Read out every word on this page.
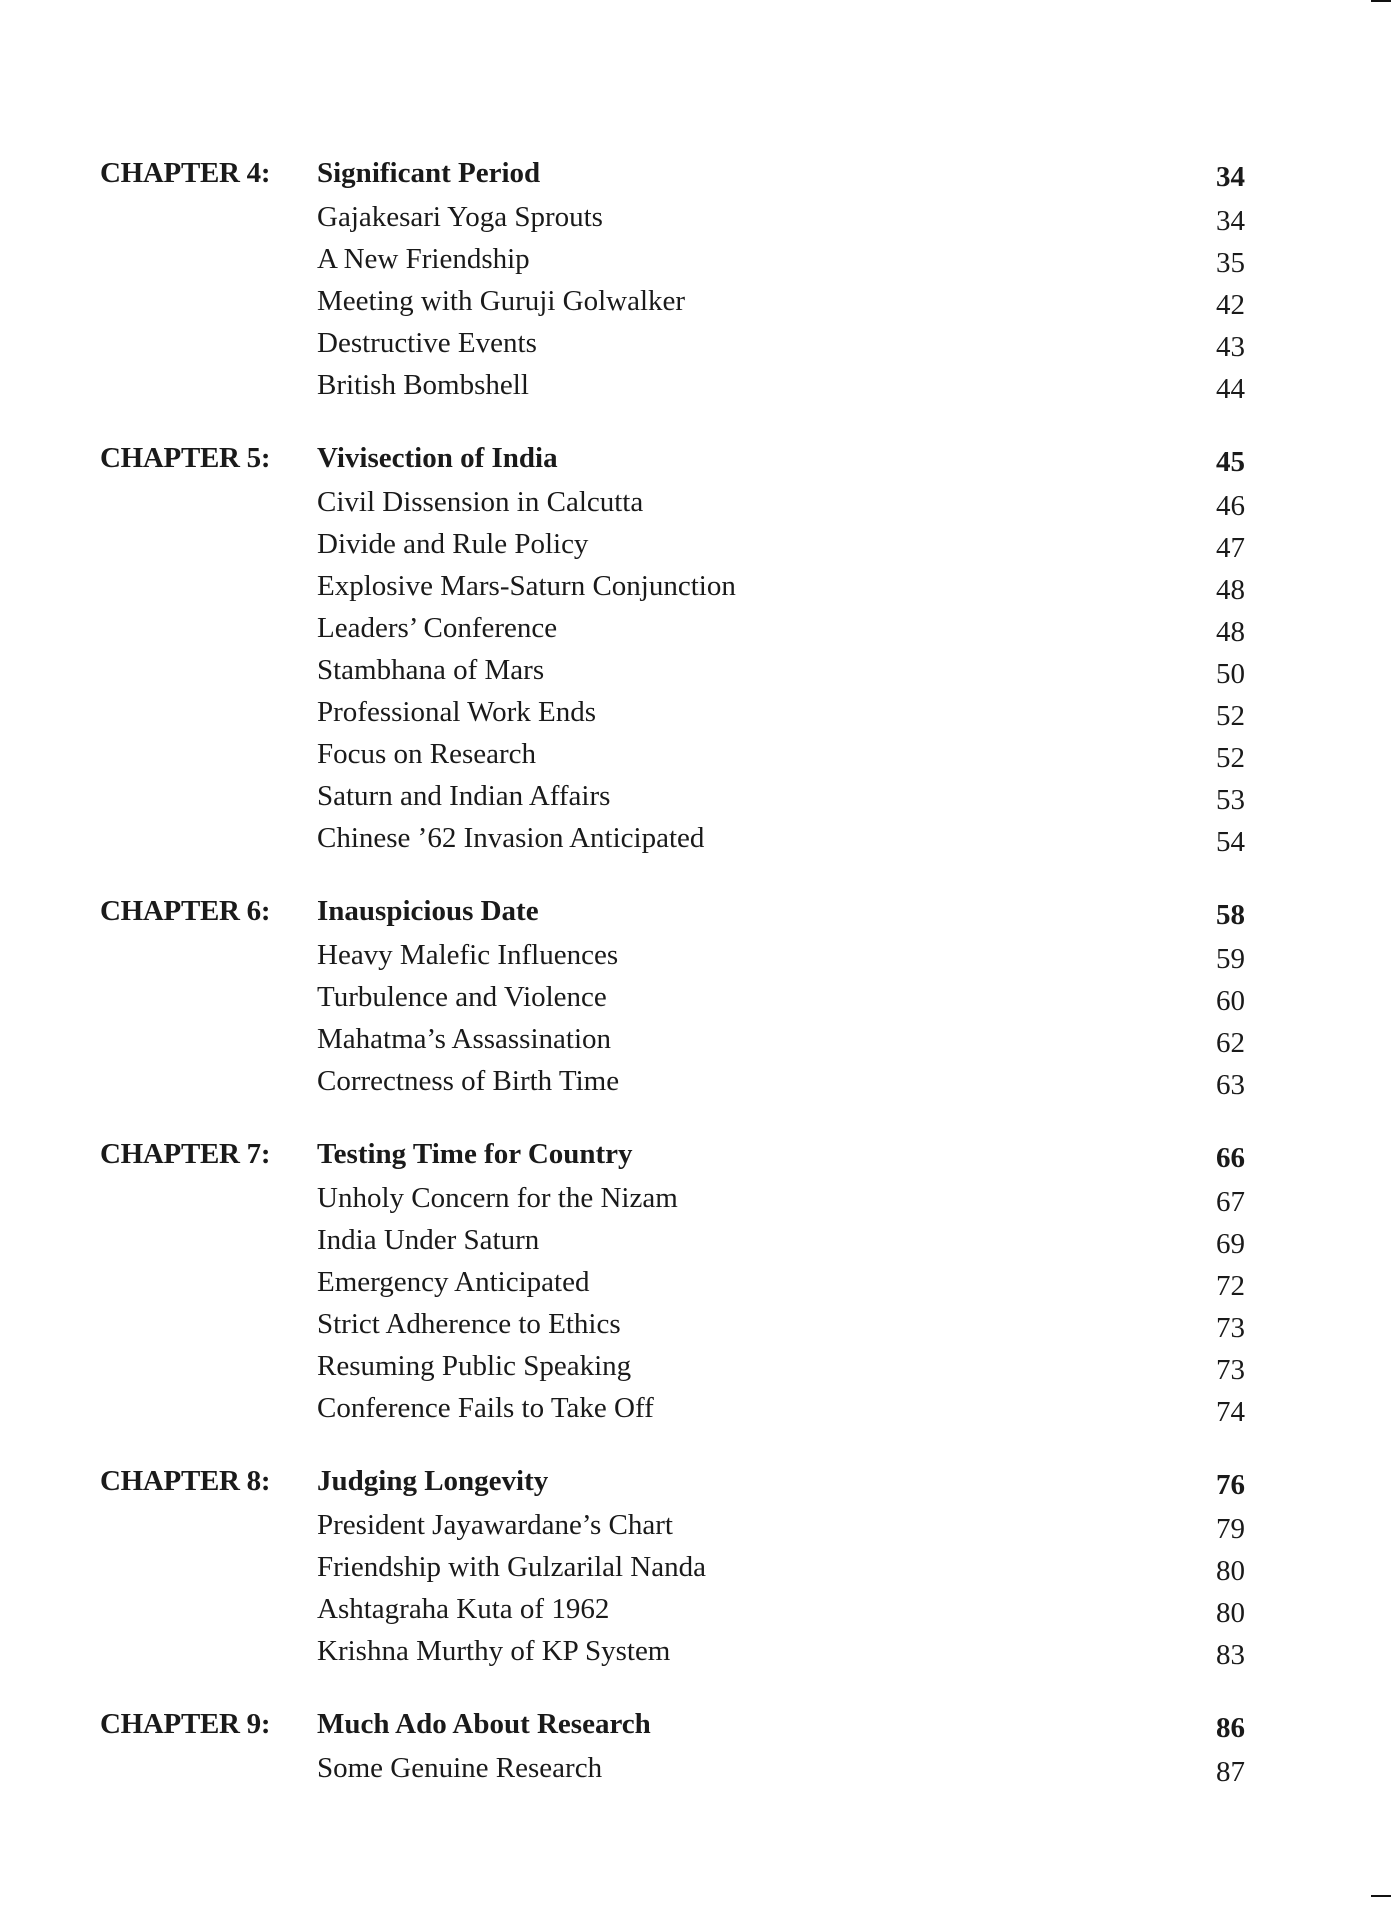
CHAPTER 4: Significant Period	34
Gajakesari Yoga Sprouts	34
A New Friendship	35
Meeting with Guruji Golwalker	42
Destructive Events	43
British Bombshell	44
CHAPTER 5: Vivisection of India	45
Civil Dissension in Calcutta	46
Divide and Rule Policy	47
Explosive Mars-Saturn Conjunction	48
Leaders’ Conference	48
Stambhana of Mars	50
Professional Work Ends	52
Focus on Research	52
Saturn and Indian Affairs	53
Chinese ’62 Invasion Anticipated	54
CHAPTER 6: Inauspicious Date	58
Heavy Malefic Influences	59
Turbulence and Violence	60
Mahatma’s Assassination	62
Correctness of Birth Time	63
CHAPTER 7: Testing Time for Country	66
Unholy Concern for the Nizam	67
India Under Saturn	69
Emergency Anticipated	72
Strict Adherence to Ethics	73
Resuming Public Speaking	73
Conference Fails to Take Off	74
CHAPTER 8: Judging Longevity	76
President Jayawardane’s Chart	79
Friendship with Gulzarilal Nanda	80
Ashtagraha Kuta of 1962	80
Krishna Murthy of KP System	83
CHAPTER 9: Much Ado About Research	86
Some Genuine Research	87
